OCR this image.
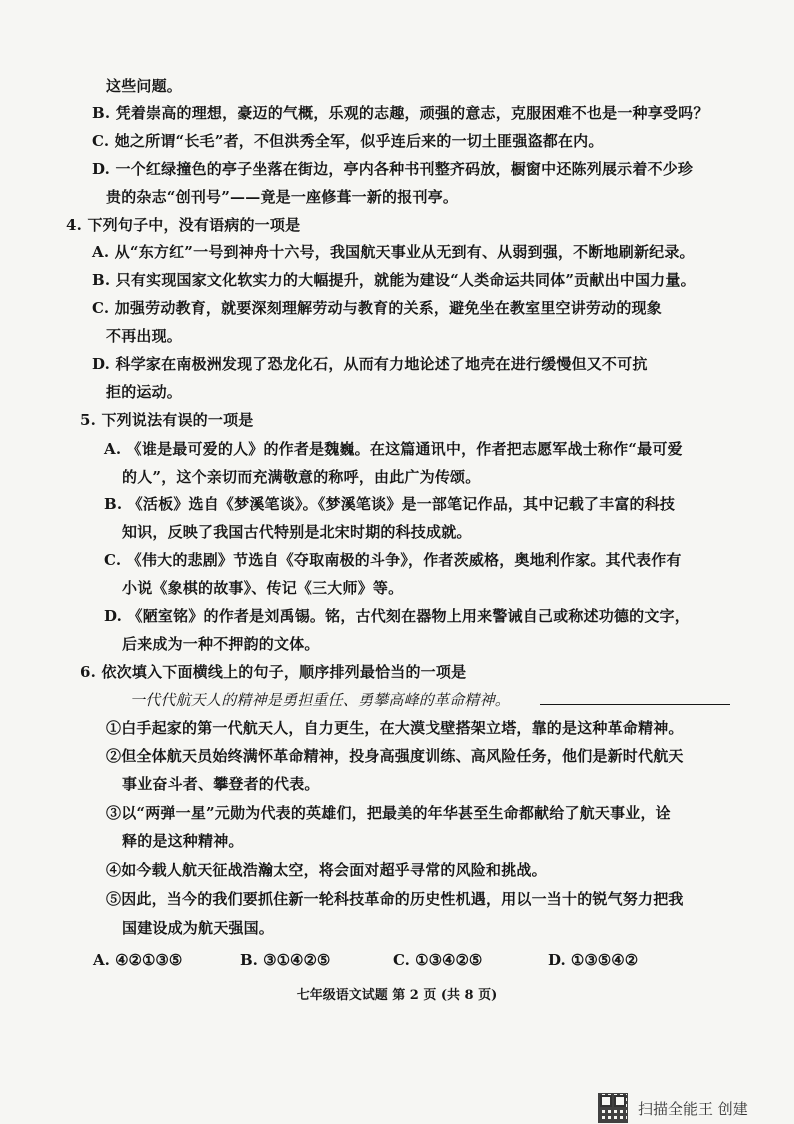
这些问题。
B. 凭着崇高的理想，豪迈的气概，乐观的志趣，顽强的意志，克服困难不也是一种享受吗？
C. 她之所谓“长毛”者，不但洪秀全军，似乎连后来的一切土匪强盗都在内。
D. 一个红绿撞色的亭子坐落在街边，亭内各种书刊整齐码放，橱窗中还陈列展示着不少珍
贵的杂志“创刊号”——竟是一座修葺一新的报刊亭。
4. 下列句子中，没有语病的一项是
A. 从“东方红”一号到神舟十六号，我国航天事业从无到有、从弱到强，不断地刷新纪录。
B. 只有实现国家文化软实力的大幅提升，就能为建设“人类命运共同体”贡献出中国力量。
C. 加强劳动教育，就要深刻理解劳动与教育的关系，避免坐在教室里空讲劳动的现象
不再出现。
D. 科学家在南极洲发现了恐龙化石，从而有力地论述了地壳在进行缓慢但又不可抗
拒的运动。
5. 下列说法有误的一项是
A. 《谁是最可爱的人》的作者是魏巍。在这篇通讯中，作者把志愿军战士称作“最可爱
的人”，这个亲切而充满敬意的称呼，由此广为传颂。
B. 《活板》选自《梦溪笔谈》。《梦溪笔谈》是一部笔记作品，其中记载了丰富的科技
知识，反映了我国古代特别是北宋时期的科技成就。
C. 《伟大的悲剧》节选自《夺取南极的斗争》，作者茨威格，奥地利作家。其代表作有
小说《象棋的故事》、传记《三大师》等。
D. 《陋室铭》的作者是刘禹锡。铭，古代刻在器物上用来警诫自己或称述功德的文字，
后来成为一种不押韵的文体。
6. 依次填入下面横线上的句子，顺序排列最恰当的一项是
一代代航天人的精神是勇担重任、勇攀高峰的革命精神。
①白手起家的第一代航天人，自力更生，在大漠戈壁搭架立塔，靠的是这种革命精神。
②但全体航天员始终满怀革命精神，投身高强度训练、高风险任务，他们是新时代航天
事业奋斗者、攀登者的代表。
③以“两弹一星”元勋为代表的英雄们，把最美的年华甚至生命都献给了航天事业，诠
释的是这种精神。
④如今载人航天征战浩瀚太空，将会面对超乎寻常的风险和挑战。
⑤因此，当今的我们要抓住新一轮科技革命的历史性机遇，用以一当十的锐气努力把我
国建设成为航天强国。
A. ④②①③⑤	B. ③①④②⑤	C. ①③④②⑤	D. ①③⑤④②
七年级语文试题 第 2 页 (共 8 页)
扫描全能王 创建
